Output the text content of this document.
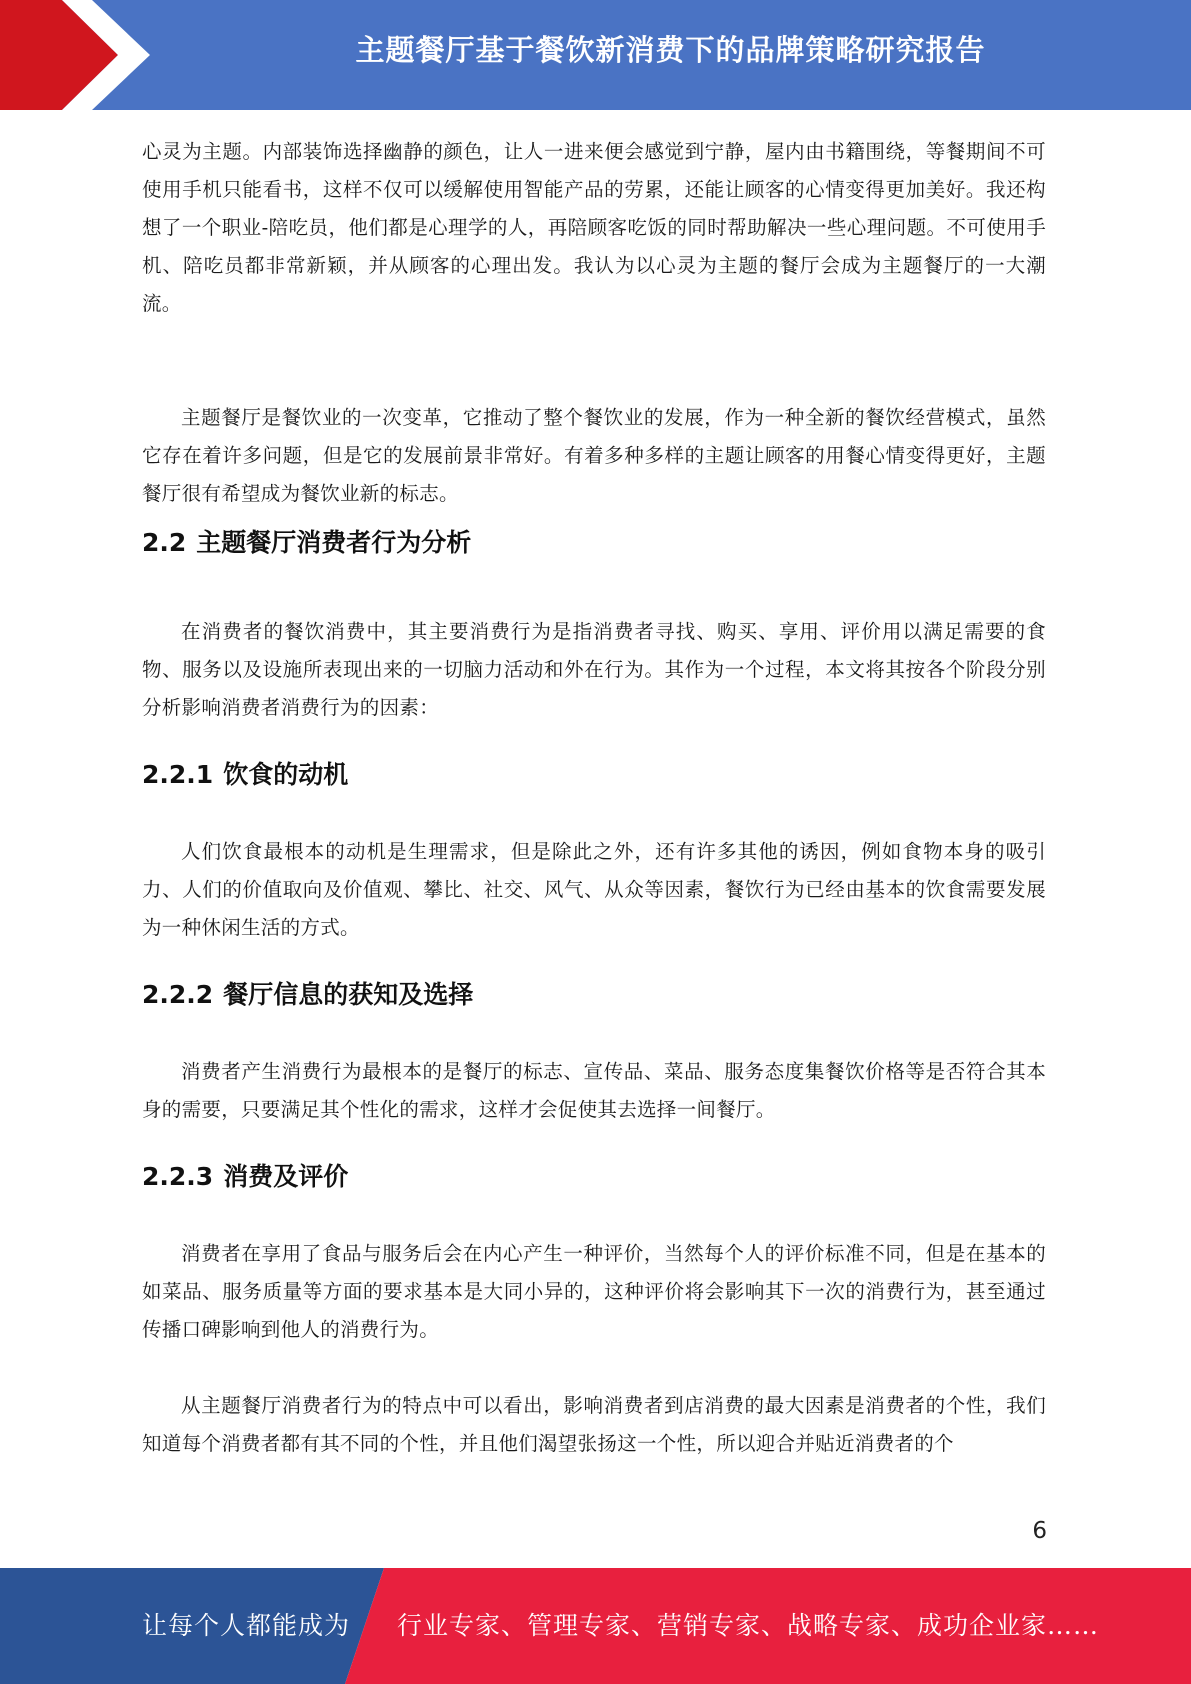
主题餐厅基于餐饮新消费下的品牌策略研究报告

心灵为主题。内部装饰选择幽静的颜色，让人一进来便会感觉到宁静，屋内由书籍围绕，等餐期间不可使用手机只能看书，这样不仅可以缓解使用智能产品的劳累，还能让顾客的心情变得更加美好。我还构想了一个职业-陪吃员，他们都是心理学的人，再陪顾客吃饭的同时帮助解决一些心理问题。不可使用手机、陪吃员都非常新颖，并从顾客的心理出发。我认为以心灵为主题的餐厅会成为主题餐厅的一大潮流。

主题餐厅是餐饮业的一次变革，它推动了整个餐饮业的发展，作为一种全新的餐饮经营模式，虽然它存在着许多问题，但是它的发展前景非常好。有着多种多样的主题让顾客的用餐心情变得更好，主题餐厅很有希望成为餐饮业新的标志。

2.2 主题餐厅消费者行为分析

在消费者的餐饮消费中，其主要消费行为是指消费者寻找、购买、享用、评价用以满足需要的食物、服务以及设施所表现出来的一切脑力活动和外在行为。其作为一个过程，本文将其按各个阶段分别分析影响消费者消费行为的因素：

2.2.1 饮食的动机

人们饮食最根本的动机是生理需求，但是除此之外，还有许多其他的诱因，例如食物本身的吸引力、人们的价值取向及价值观、攀比、社交、风气、从众等因素，餐饮行为已经由基本的饮食需要发展为一种休闲生活的方式。

2.2.2 餐厅信息的获知及选择

消费者产生消费行为最根本的是餐厅的标志、宣传品、菜品、服务态度集餐饮价格等是否符合其本身的需要，只要满足其个性化的需求，这样才会促使其去选择一间餐厅。

2.2.3 消费及评价

消费者在享用了食品与服务后会在内心产生一种评价，当然每个人的评价标准不同，但是在基本的如菜品、服务质量等方面的要求基本是大同小异的，这种评价将会影响其下一次的消费行为，甚至通过传播口碑影响到他人的消费行为。

从主题餐厅消费者行为的特点中可以看出，影响消费者到店消费的最大因素是消费者的个性，我们知道每个消费者都有其不同的个性，并且他们渴望张扬这一个性，所以迎合并贴近消费者的个

6
让每个人都能成为 行业专家、管理专家、营销专家、战略专家、成功企业家……
